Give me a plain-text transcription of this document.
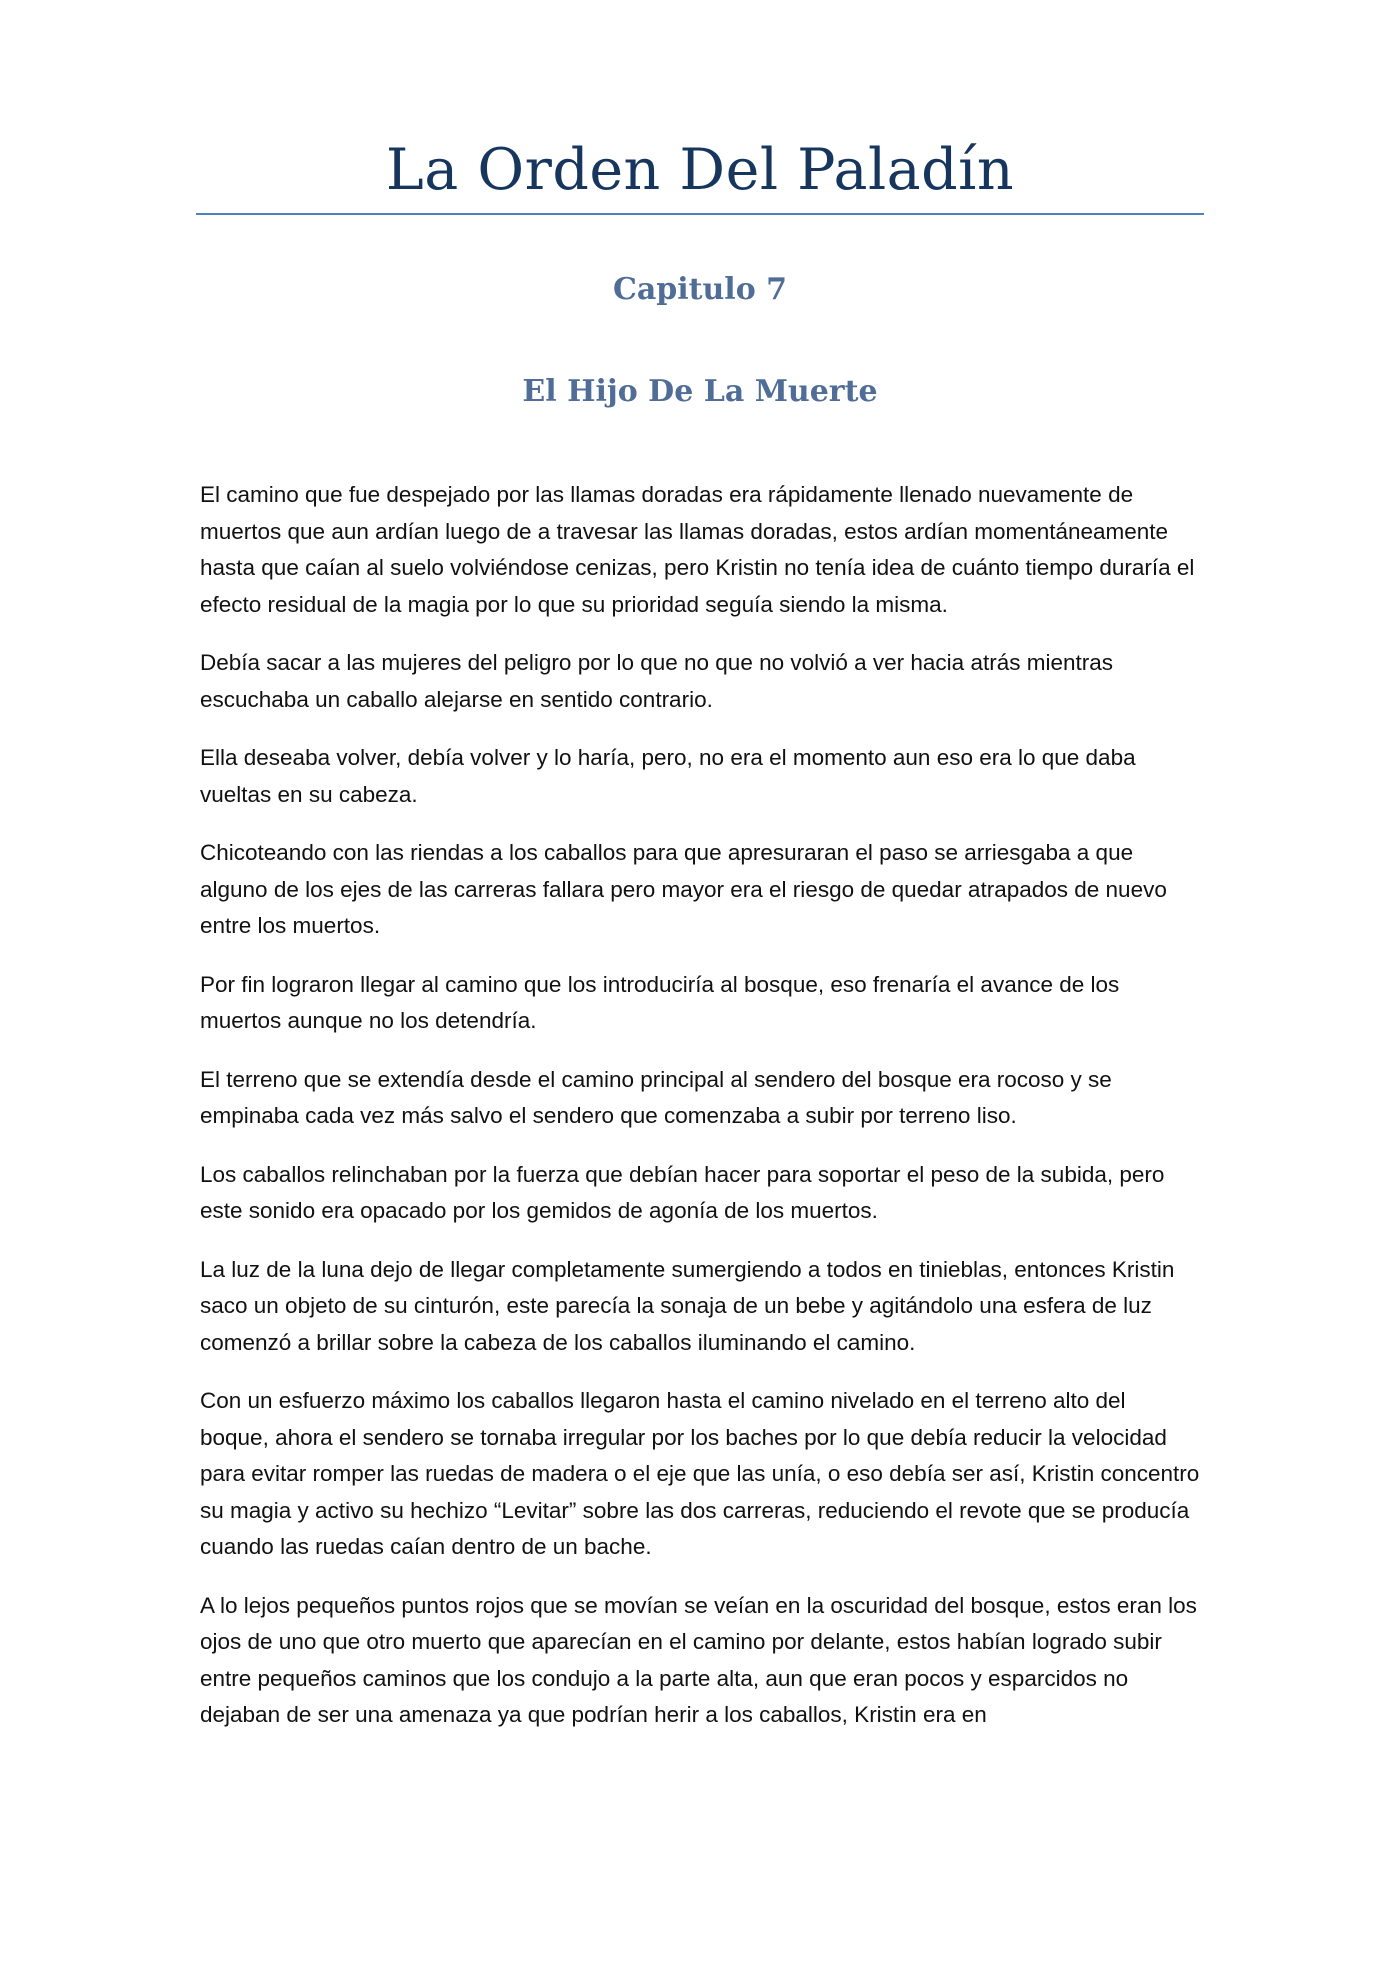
La Orden Del Paladín
Capitulo 7
El Hijo De La Muerte

El camino que fue despejado por las llamas doradas era rápidamente llenado nuevamente de muertos que aun ardían luego de a travesar las llamas doradas, estos ardían momentáneamente hasta que caían al suelo volviéndose cenizas, pero Kristin no tenía idea de cuánto tiempo duraría el efecto residual de la magia por lo que su prioridad seguía siendo la misma.

Debía sacar a las mujeres del peligro por lo que no que no volvió a ver hacia atrás mientras escuchaba un caballo alejarse en sentido contrario.

Ella deseaba volver, debía volver y lo haría, pero, no era el momento aun eso era lo que daba vueltas en su cabeza.

Chicoteando con las riendas a los caballos para que apresuraran el paso se arriesgaba a que alguno de los ejes de las carreras fallara pero mayor era el riesgo de quedar atrapados de nuevo entre los muertos.

Por fin lograron llegar al camino que los introduciría al bosque, eso frenaría el avance de los muertos aunque no los detendría.

El terreno que se extendía desde el camino principal al sendero del bosque era rocoso y se empinaba cada vez más salvo el sendero que comenzaba a subir por terreno liso.

Los caballos relinchaban por la fuerza que debían hacer para soportar el peso de la subida, pero este sonido era opacado por los gemidos de agonía de los muertos.

La luz de la luna dejo de llegar completamente sumergiendo a todos en tinieblas, entonces Kristin saco un objeto de su cinturón, este parecía la sonaja de un bebe y agitándolo una esfera de luz comenzó a brillar sobre la cabeza de los caballos iluminando el camino.

Con un esfuerzo máximo los caballos llegaron hasta el camino nivelado en el terreno alto del boque, ahora el sendero se tornaba irregular por los baches por lo que debía reducir la velocidad para evitar romper las ruedas de madera o el eje que las unía, o eso debía ser así, Kristin concentro su magia y activo su hechizo “Levitar” sobre las dos carreras, reduciendo el revote que se producía cuando las ruedas caían dentro de un bache.

A lo lejos pequeños puntos rojos que se movían se veían en la oscuridad del bosque, estos eran los ojos de uno que otro muerto que aparecían en el camino por delante, estos habían logrado subir entre pequeños caminos que los condujo a la parte alta, aun que eran pocos y esparcidos no dejaban de ser una amenaza ya que podrían herir a los caballos, Kristin era en
